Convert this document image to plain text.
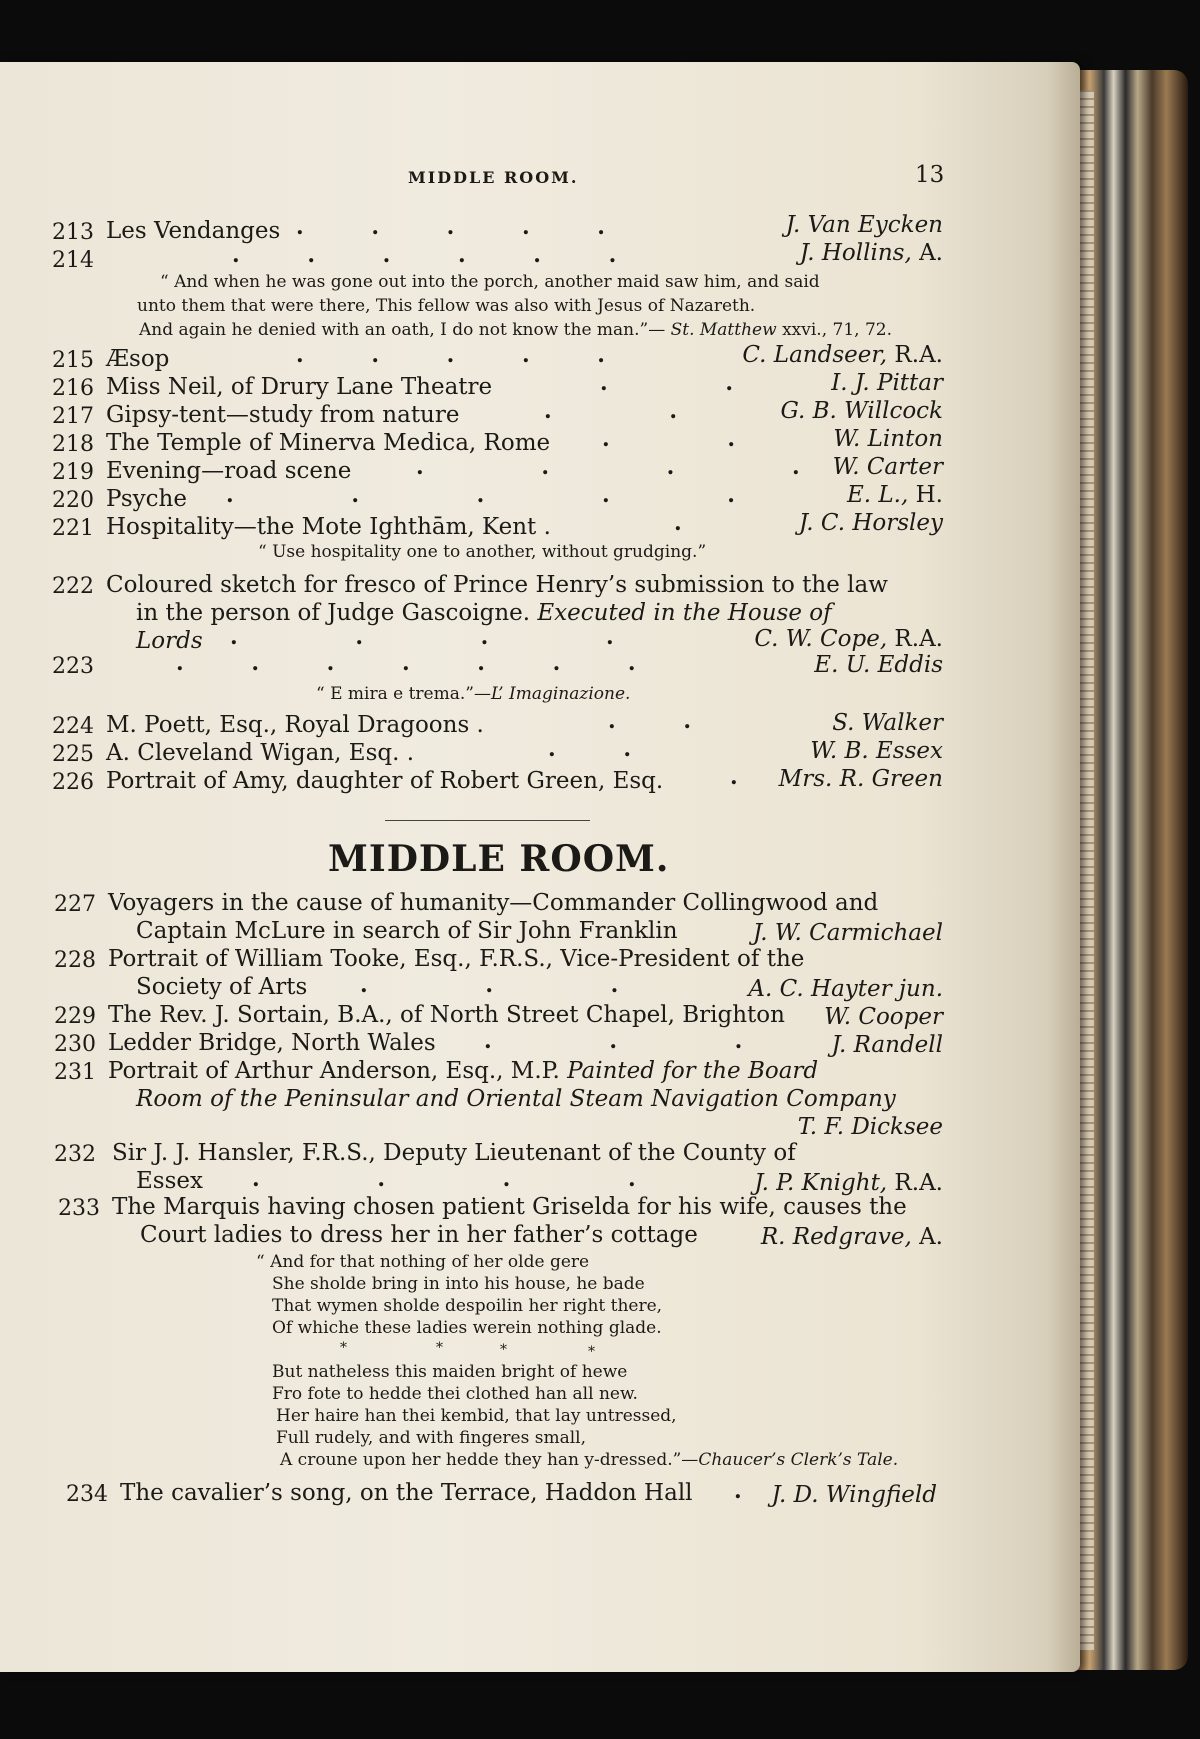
MIDDLE ROOM.	13
213 Les Vendanges . . . . .	J. Van Eycken
214	. . . . . .	J. Hollins, A.
“ And when he was gone out into the porch, another maid saw him, and said
unto them that were there, This fellow was also with Jesus of Nazareth.
And again he denied with an oath, I do not know the man.”— St. Matthew xxvi., 71, 72.
215 Æsop	. . . . .	C. Landseer, R.A.
216 Miss Neil, of Drury Lane Theatre	. .	I. J. Pittar
217 Gipsy-tent—study from nature	. .	G. B. Willcock
218 The Temple of Minerva Medica, Rome . .	W. Linton
219 Evening—road scene	. . . . W. Carter
220 Psyche . . . . .	E. L., H.
221 Hospitality—the Mote Ighthām, Kent .	.	J. C. Horsley
“ Use hospitality one to another, without grudging.”
222 Coloured sketch for fresco of Prince Henry’s submission to the law
in the person of Judge Gascoigne. Executed in the House of
Lords . . . .	C. W. Cope, R.A.
223	. . . . . . .	E. U. Eddis
“ E mira e trema.”—L’ Imaginazione.
224 M. Poett, Esq., Royal Dragoons .	. .	S. Walker
225 A. Cleveland Wigan, Esq. .	. .	W. B. Essex
226 Portrait of Amy, daughter of Robert Green, Esq.	. Mrs. R. Green
MIDDLE ROOM.
227 Voyagers in the cause of humanity—Commander Collingwood and
Captain McLure in search of Sir John Franklin	J. W. Carmichael
228 Portrait of William Tooke, Esq., F.R.S., Vice-President of the
Society of Arts . . .	A. C. Hayter jun.
229 The Rev. J. Sortain, B.A., of North Street Chapel, Brighton W. Cooper
230 Ledder Bridge, North Wales . . .	J. Randell
231 Portrait of Arthur Anderson, Esq., M.P. Painted for the Board
Room of the Peninsular and Oriental Steam Navigation Company
T. F. Dicksee
232 Sir J. J. Hansler, F.R.S., Deputy Lieutenant of the County of
Essex . . . .	J. P. Knight, R.A.
233 The Marquis having chosen patient Griselda for his wife, causes the
Court ladies to dress her in her father’s cottage	R. Redgrave, A.
“ And for that nothing of her olde gere
She sholde bring in into his house, he bade
That wymen sholde despoilin her right there,
Of whiche these ladies werein nothing glade.
*	*	*	*
But natheless this maiden bright of hewe
Fro fote to hedde thei clothed han all new.
Her haire han thei kembid, that lay untressed,
Full rudely, and with fingeres small,
A croune upon her hedde they han y-dressed.”—Chaucer’s Clerk’s Tale.
234 The cavalier’s song, on the Terrace, Haddon Hall . J. D. Wingfield
